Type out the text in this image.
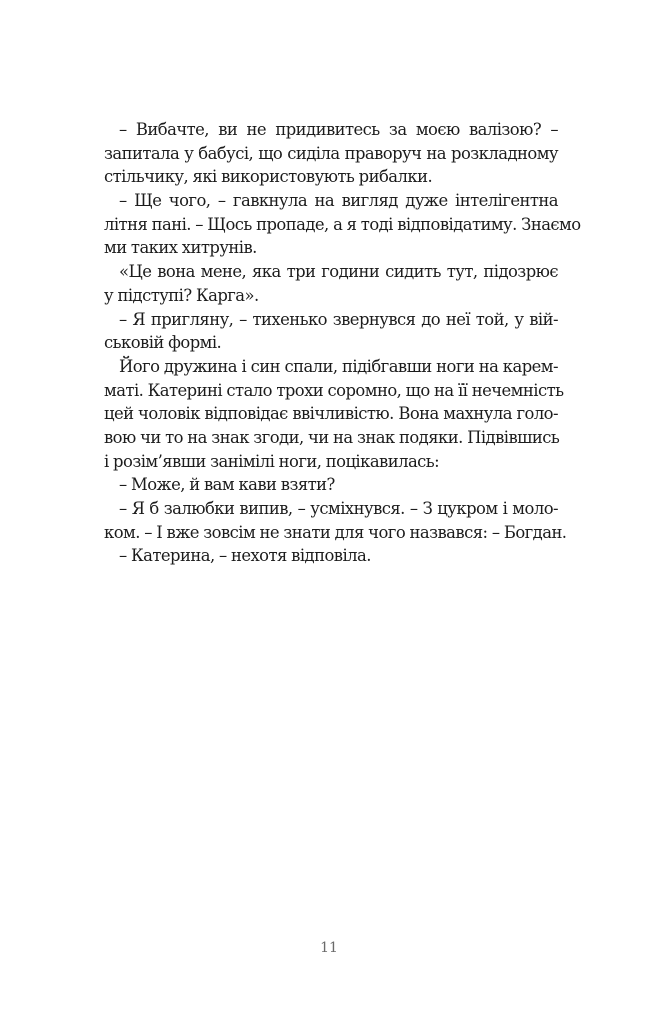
– Вибачте, ви не придивитесь за моєю валізою? –
запитала у бабусі, що сиділа праворуч на розкладному
стільчику, які використовують рибалки.
– Ще чого, – гавкнула на вигляд дуже інтелігентна
літня пані. – Щось пропаде, а я тоді відповідатиму. Знаємо
ми таких хитрунів.
«Це вона мене, яка три години сидить тут, підозрює
у підступі? Карга».
– Я пригляну, – тихенько звернувся до неї той, у вій-
ськовій формі.
Його дружина і син спали, підібгавши ноги на карем-
маті. Катерині стало трохи соромно, що на її нечемність
цей чоловік відповідає ввічливістю. Вона махнула голо-
вою чи то на знак згоди, чи на знак подяки. Підвівшись
і розім’явши занімілі ноги, поцікавилась:
– Може, й вам кави взяти?
– Я б залюбки випив, – усміхнувся. – З цукром і моло-
ком. – І вже зовсім не знати для чого назвався: – Богдан.
– Катерина, – нехотя відповіла.
11
